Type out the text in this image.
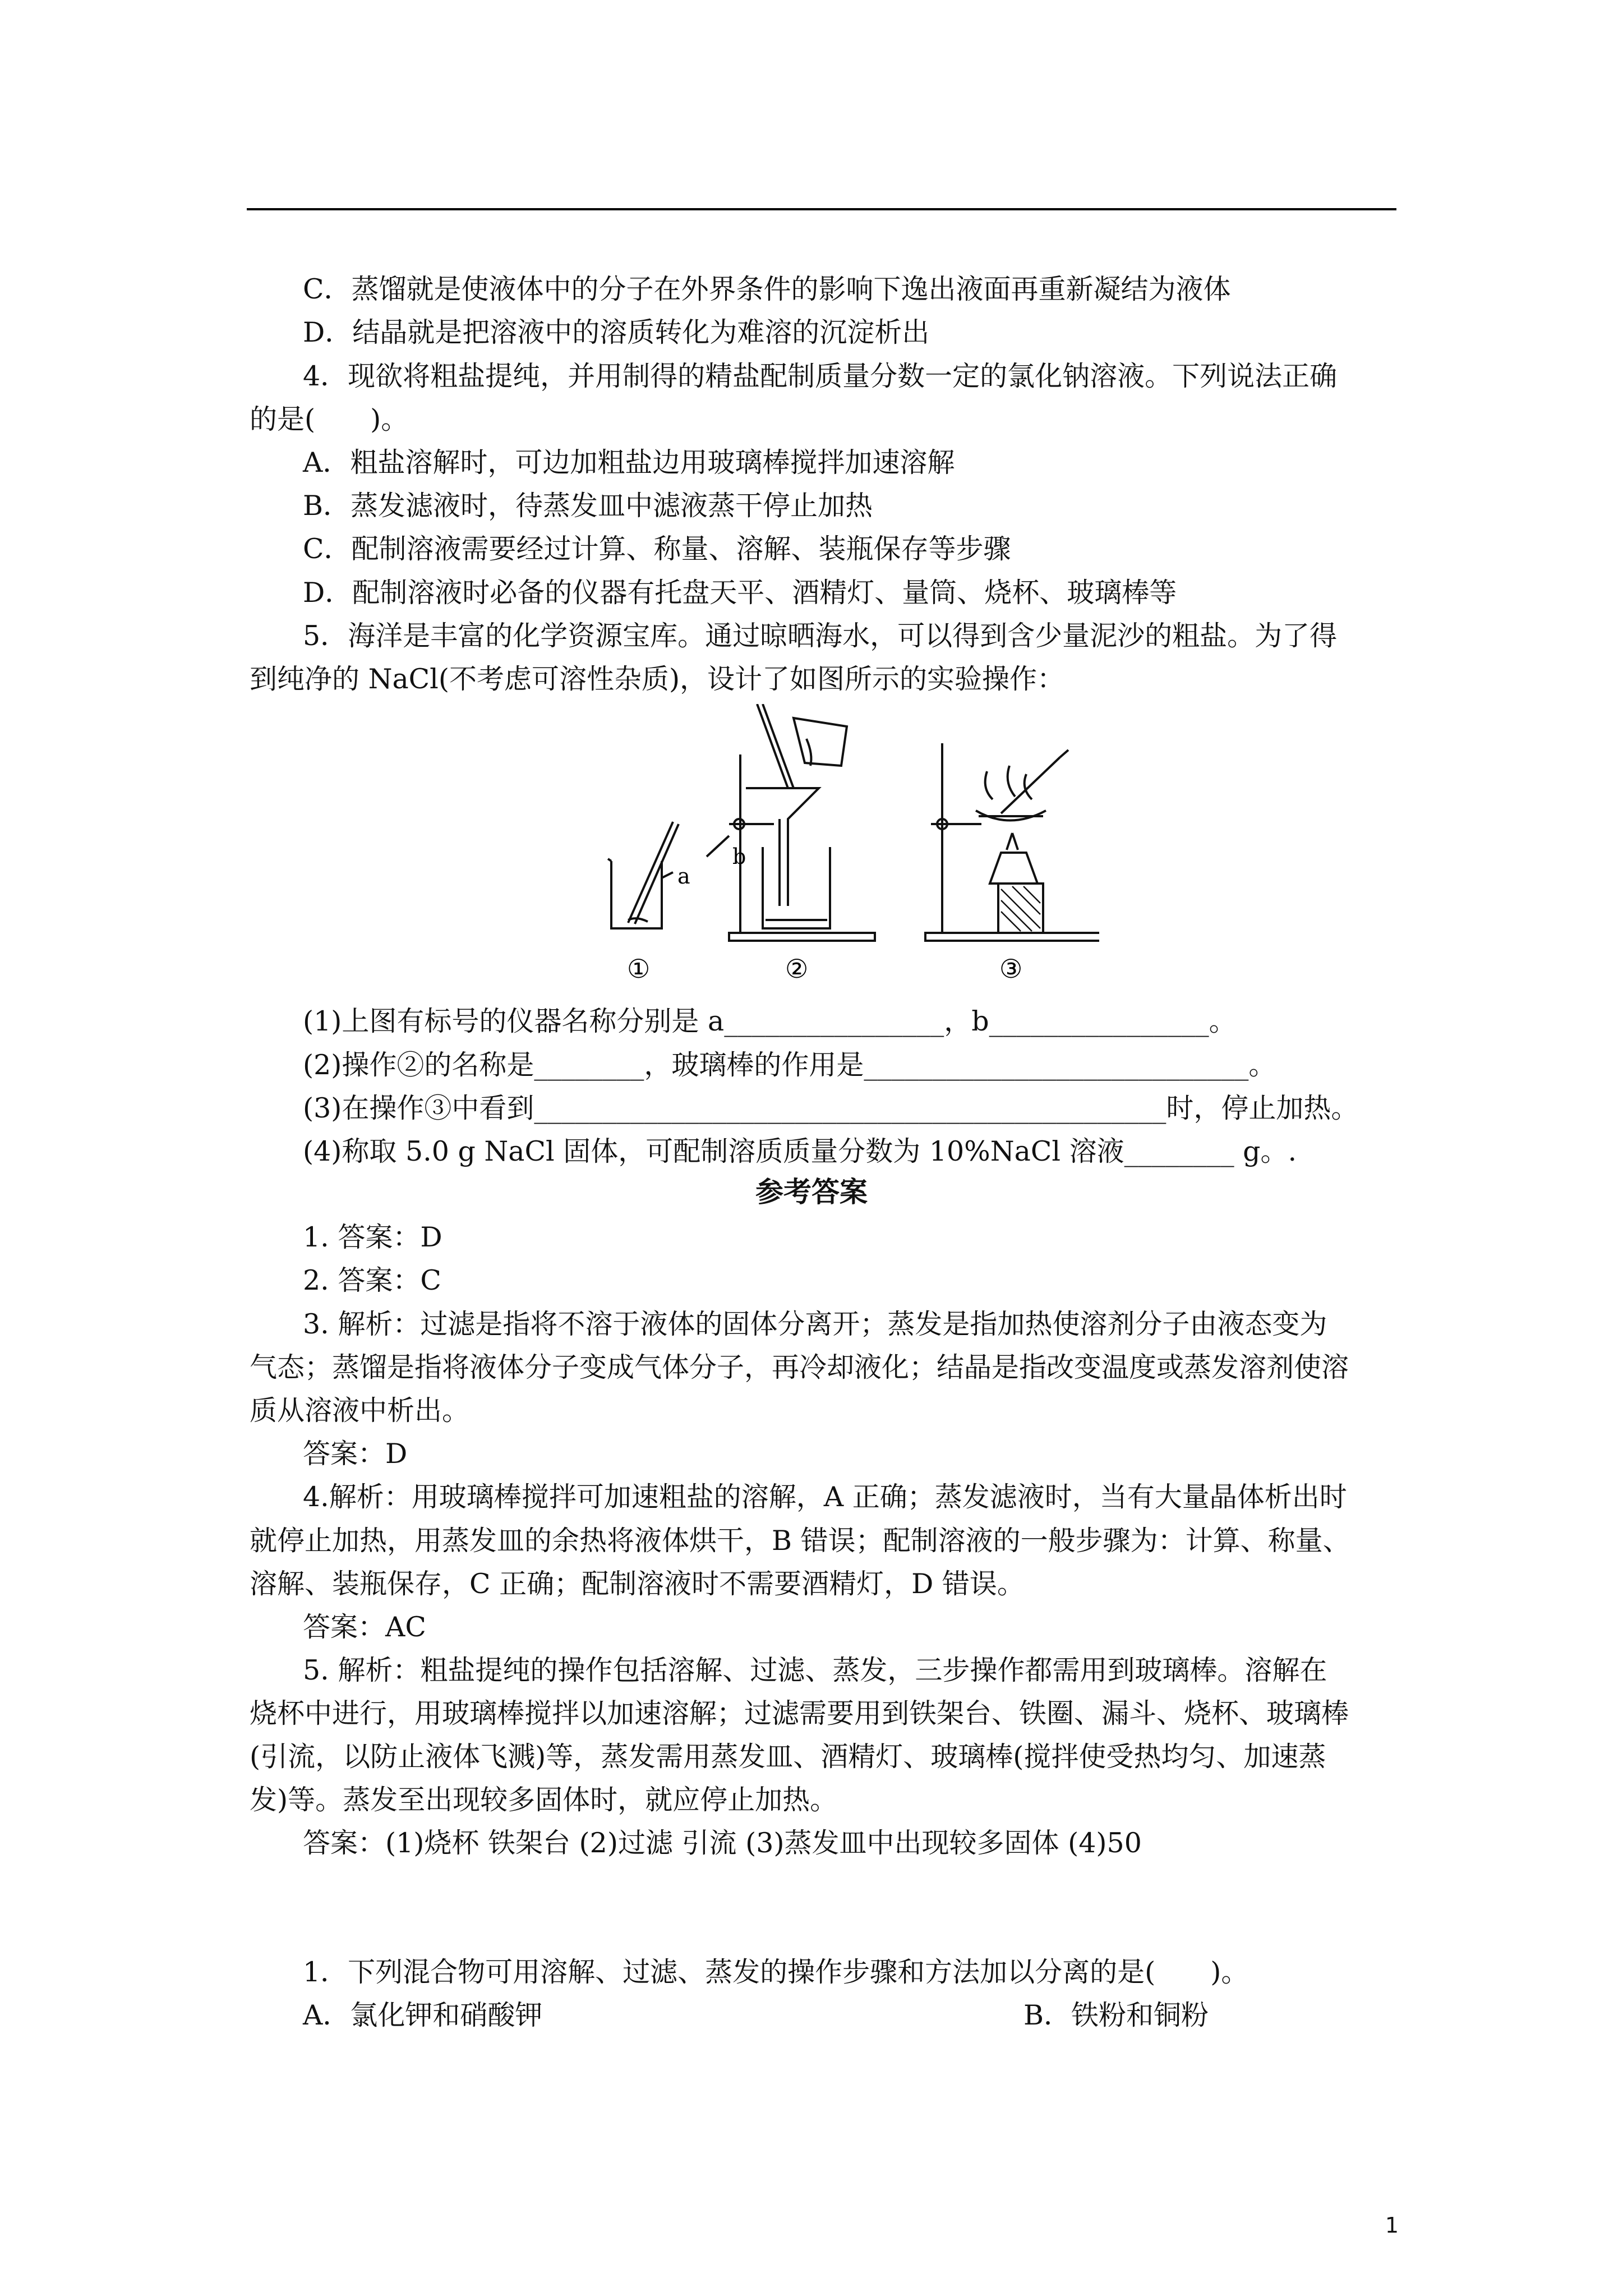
C．蒸馏就是使液体中的分子在外界条件的影响下逸出液面再重新凝结为液体
D．结晶就是把溶液中的溶质转化为难溶的沉淀析出
4．现欲将粗盐提纯，并用制得的精盐配制质量分数一定的氯化钠溶液。下列说法正确
的是(　　)。
A．粗盐溶解时，可边加粗盐边用玻璃棒搅拌加速溶解
B．蒸发滤液时，待蒸发皿中滤液蒸干停止加热
C．配制溶液需要经过计算、称量、溶解、装瓶保存等步骤
D．配制溶液时必备的仪器有托盘天平、酒精灯、量筒、烧杯、玻璃棒等
5．海洋是丰富的化学资源宝库。通过晾晒海水，可以得到含少量泥沙的粗盐。为了得
到纯净的 NaCl(不考虑可溶性杂质)，设计了如图所示的实验操作：
a
b
①	②	③
(1)上图有标号的仪器名称分别是 a________________，b________________。
(2)操作②的名称是________，玻璃棒的作用是____________________________。
(3)在操作③中看到______________________________________________时，停止加热。
(4)称取 5.0 g NaCl 固体，可配制溶质质量分数为 10%NaCl 溶液________ g。.
参考答案
1. 答案：D
2. 答案：C
3. 解析：过滤是指将不溶于液体的固体分离开；蒸发是指加热使溶剂分子由液态变为
气态；蒸馏是指将液体分子变成气体分子，再冷却液化；结晶是指改变温度或蒸发溶剂使溶
质从溶液中析出。
答案：D
4.解析：用玻璃棒搅拌可加速粗盐的溶解，A 正确；蒸发滤液时，当有大量晶体析出时
就停止加热，用蒸发皿的余热将液体烘干，B 错误；配制溶液的一般步骤为：计算、称量、
溶解、装瓶保存，C 正确；配制溶液时不需要酒精灯，D 错误。
答案：AC
5. 解析：粗盐提纯的操作包括溶解、过滤、蒸发，三步操作都需用到玻璃棒。溶解在
烧杯中进行，用玻璃棒搅拌以加速溶解；过滤需要用到铁架台、铁圈、漏斗、烧杯、玻璃棒
(引流，以防止液体飞溅)等，蒸发需用蒸发皿、酒精灯、玻璃棒(搅拌使受热均匀、加速蒸
发)等。蒸发至出现较多固体时，就应停止加热。
答案：(1)烧杯 铁架台 (2)过滤 引流 (3)蒸发皿中出现较多固体 (4)50
1．下列混合物可用溶解、过滤、蒸发的操作步骤和方法加以分离的是(　　)。
A．氯化钾和硝酸钾	B．铁粉和铜粉
1
